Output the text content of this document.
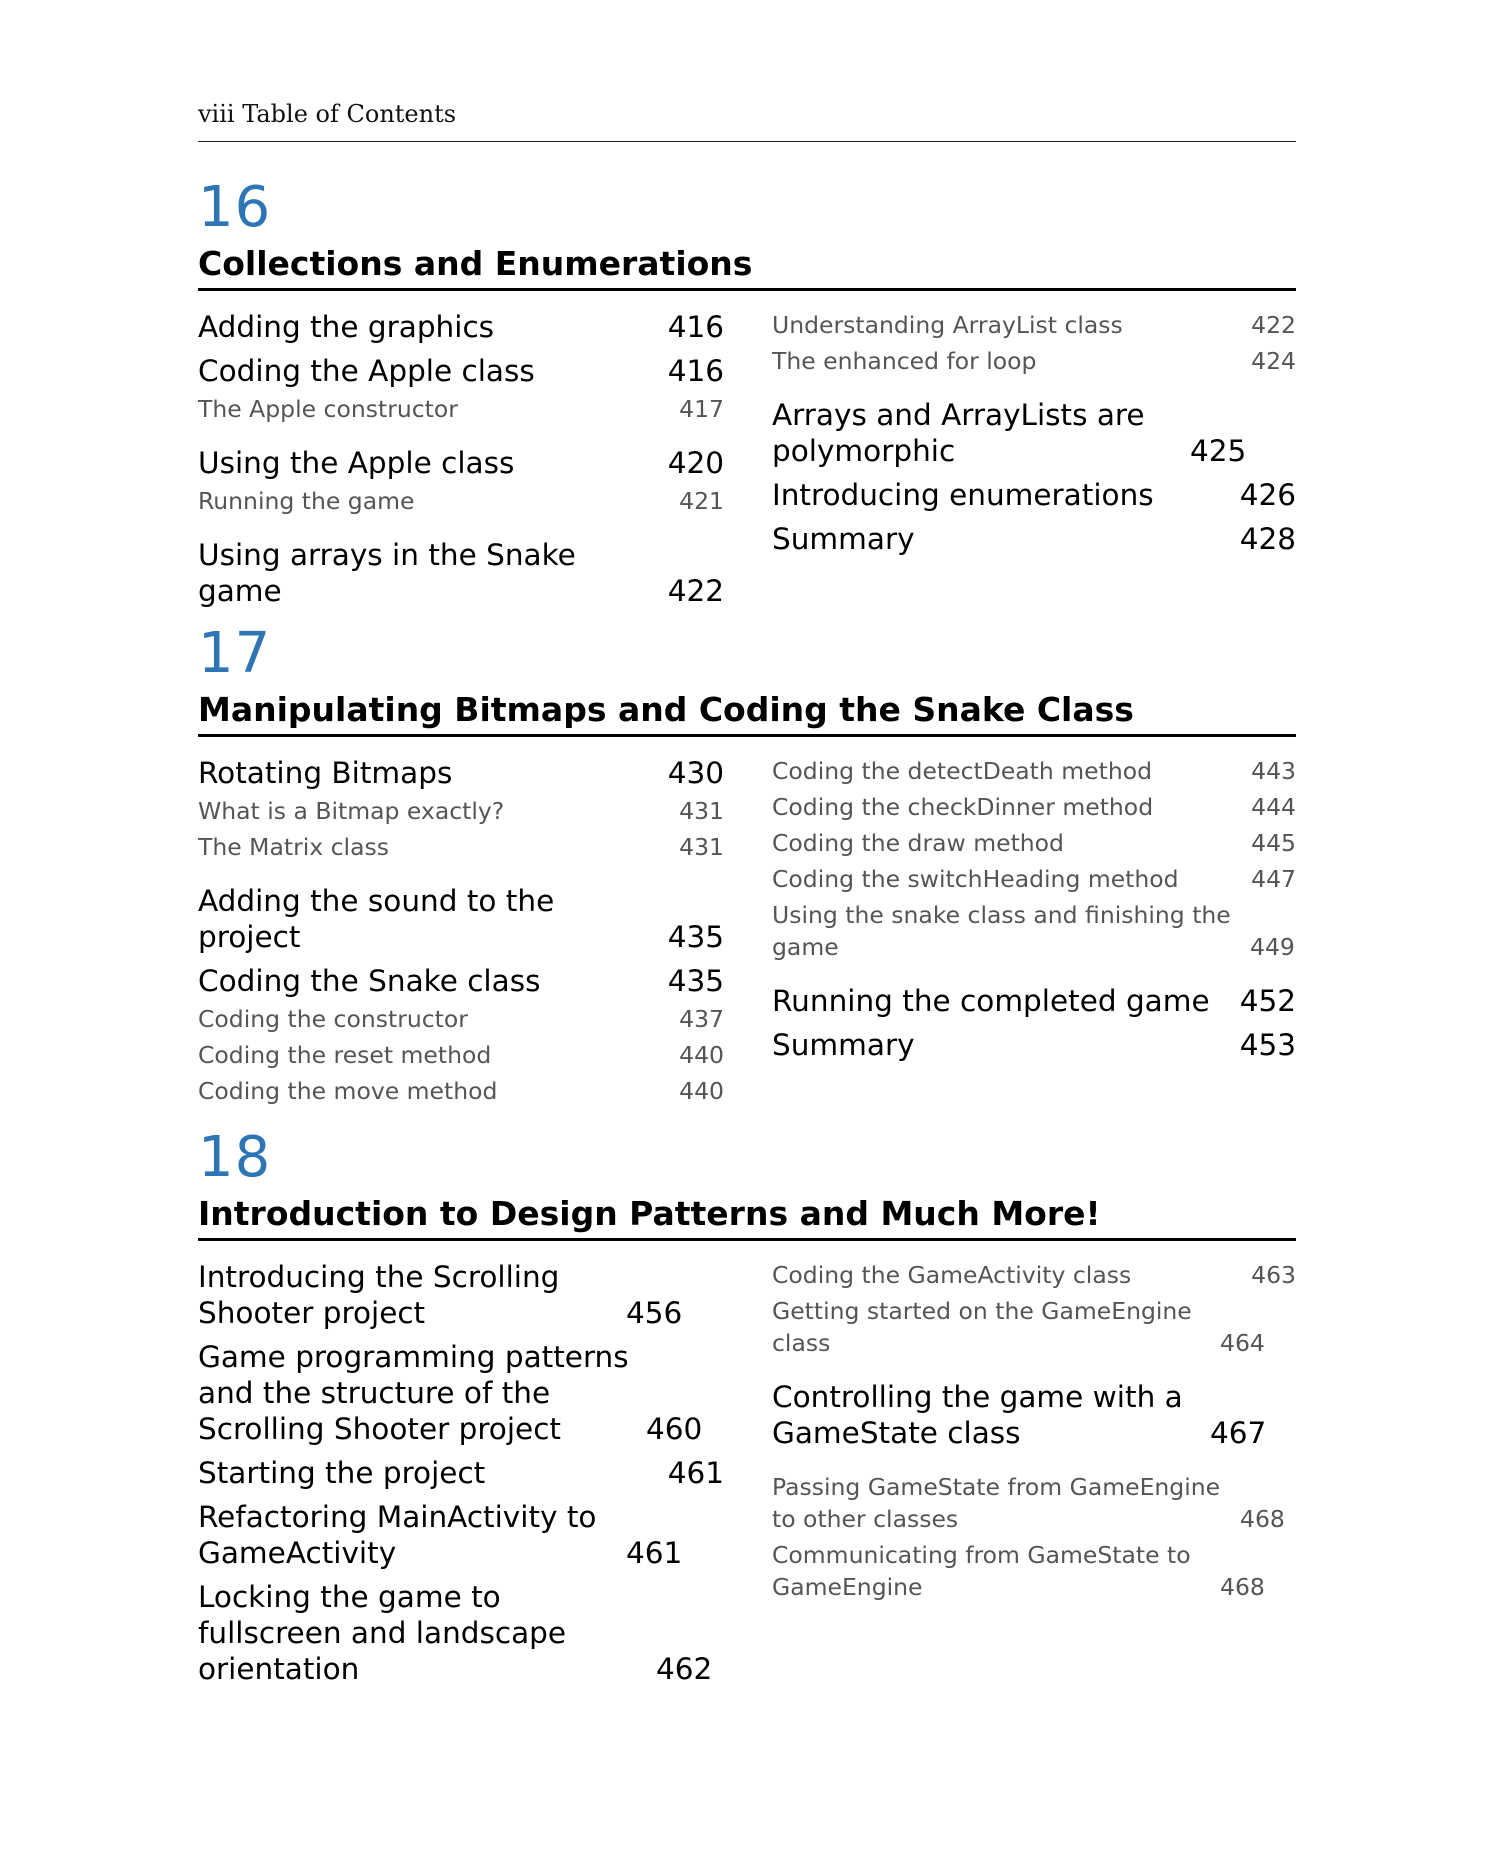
viii Table of Contents
16
Collections and Enumerations
Adding the graphics	416
Coding the Apple class	416
The Apple constructor	417
Using the Apple class	420
Running the game	421
Using arrays in the Snake game	422
Understanding ArrayList class	422
The enhanced for loop	424
Arrays and ArrayLists are polymorphic	425
Introducing enumerations	426
Summary	428
17
Manipulating Bitmaps and Coding the Snake Class
Rotating Bitmaps	430
What is a Bitmap exactly?	431
The Matrix class	431
Adding the sound to the project	435
Coding the Snake class	435
Coding the constructor	437
Coding the reset method	440
Coding the move method	440
Coding the detectDeath method	443
Coding the checkDinner method	444
Coding the draw method	445
Coding the switchHeading method	447
Using the snake class and finishing the game	449
Running the completed game	452
Summary	453
18
Introduction to Design Patterns and Much More!
Introducing the Scrolling Shooter project	456
Game programming patterns and the structure of the Scrolling Shooter project	460
Starting the project	461
Refactoring MainActivity to GameActivity	461
Locking the game to fullscreen and landscape orientation	462
Coding the GameActivity class	463
Getting started on the GameEngine class	464
Controlling the game with a GameState class	467
Passing GameState from GameEngine to other classes	468
Communicating from GameState to GameEngine	468
